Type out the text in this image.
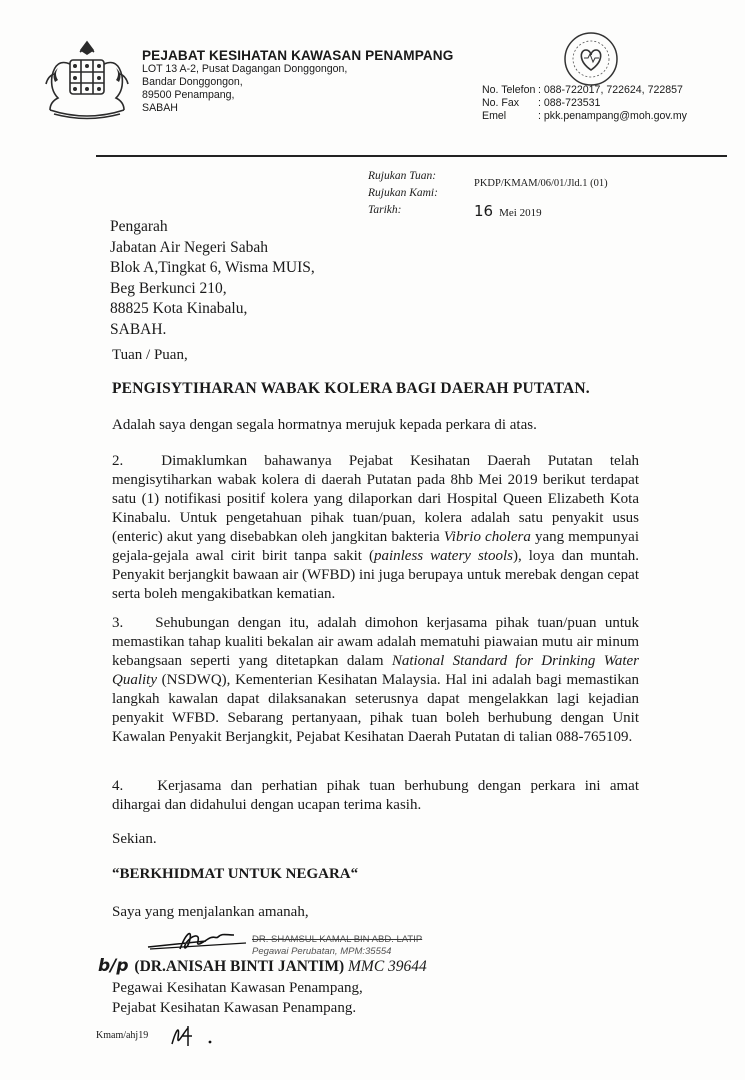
PEJABAT KESIHATAN KAWASAN PENAMPANG
LOT 13 A-2, Pusat Dagangan Donggongon,
Bandar Donggongon,
89500 Penampang,
SABAH
No. Telefon : 088-722017, 722624, 722857
No. Fax : 088-723531
Emel	: pkk.penampang@moh.gov.my
Rujukan Tuan:
Rujukan Kami:
Tarikh:
PKDP/KMAM/06/01/Jld.1 (01)
16 Mei 2019
Pengarah
Jabatan Air Negeri Sabah
Blok A,Tingkat 6, Wisma MUIS,
Beg Berkunci 210,
88825 Kota Kinabalu,
SABAH.
Tuan / Puan,
PENGISYTIHARAN WABAK KOLERA BAGI DAERAH PUTATAN.
Adalah saya dengan segala hormatnya merujuk kepada perkara di atas.
2.	Dimaklumkan bahawanya Pejabat Kesihatan Daerah Putatan telah mengisytiharkan wabak kolera di daerah Putatan pada 8hb Mei 2019 berikut terdapat satu (1) notifikasi positif kolera yang dilaporkan dari Hospital Queen Elizabeth Kota Kinabalu. Untuk pengetahuan pihak tuan/puan, kolera adalah satu penyakit usus (enteric) akut yang disebabkan oleh jangkitan bakteria Vibrio cholera yang mempunyai gejala-gejala awal cirit birit tanpa sakit (painless watery stools), loya dan muntah. Penyakit berjangkit bawaan air (WFBD) ini juga berupaya untuk merebak dengan cepat serta boleh mengakibatkan kematian.
3. Sehubungan dengan itu, adalah dimohon kerjasama pihak tuan/puan untuk memastikan tahap kualiti bekalan air awam adalah mematuhi piawaian mutu air minum kebangsaan seperti yang ditetapkan dalam National Standard for Drinking Water Quality (NSDWQ), Kementerian Kesihatan Malaysia. Hal ini adalah bagi memastikan langkah kawalan dapat dilaksanakan seterusnya dapat mengelakkan lagi kejadian penyakit WFBD. Sebarang pertanyaan, pihak tuan boleh berhubung dengan Unit Kawalan Penyakit Berjangkit, Pejabat Kesihatan Daerah Putatan di talian 088-765109.
4. Kerjasama dan perhatian pihak tuan berhubung dengan perkara ini amat dihargai dan didahului dengan ucapan terima kasih.
Sekian.
“BERKHIDMAT UNTUK NEGARA“
Saya yang menjalankan amanah,
DR. SHAMSUL KAMAL BIN ABD. LATIP
Pegawai Perubatan, MPM:35554
b/p (DR.ANISAH BINTI JANTIM) MMC 39644
Pegawai Kesihatan Kawasan Penampang,
Pejabat Kesihatan Kawasan Penampang.
Kmam/ahj19
